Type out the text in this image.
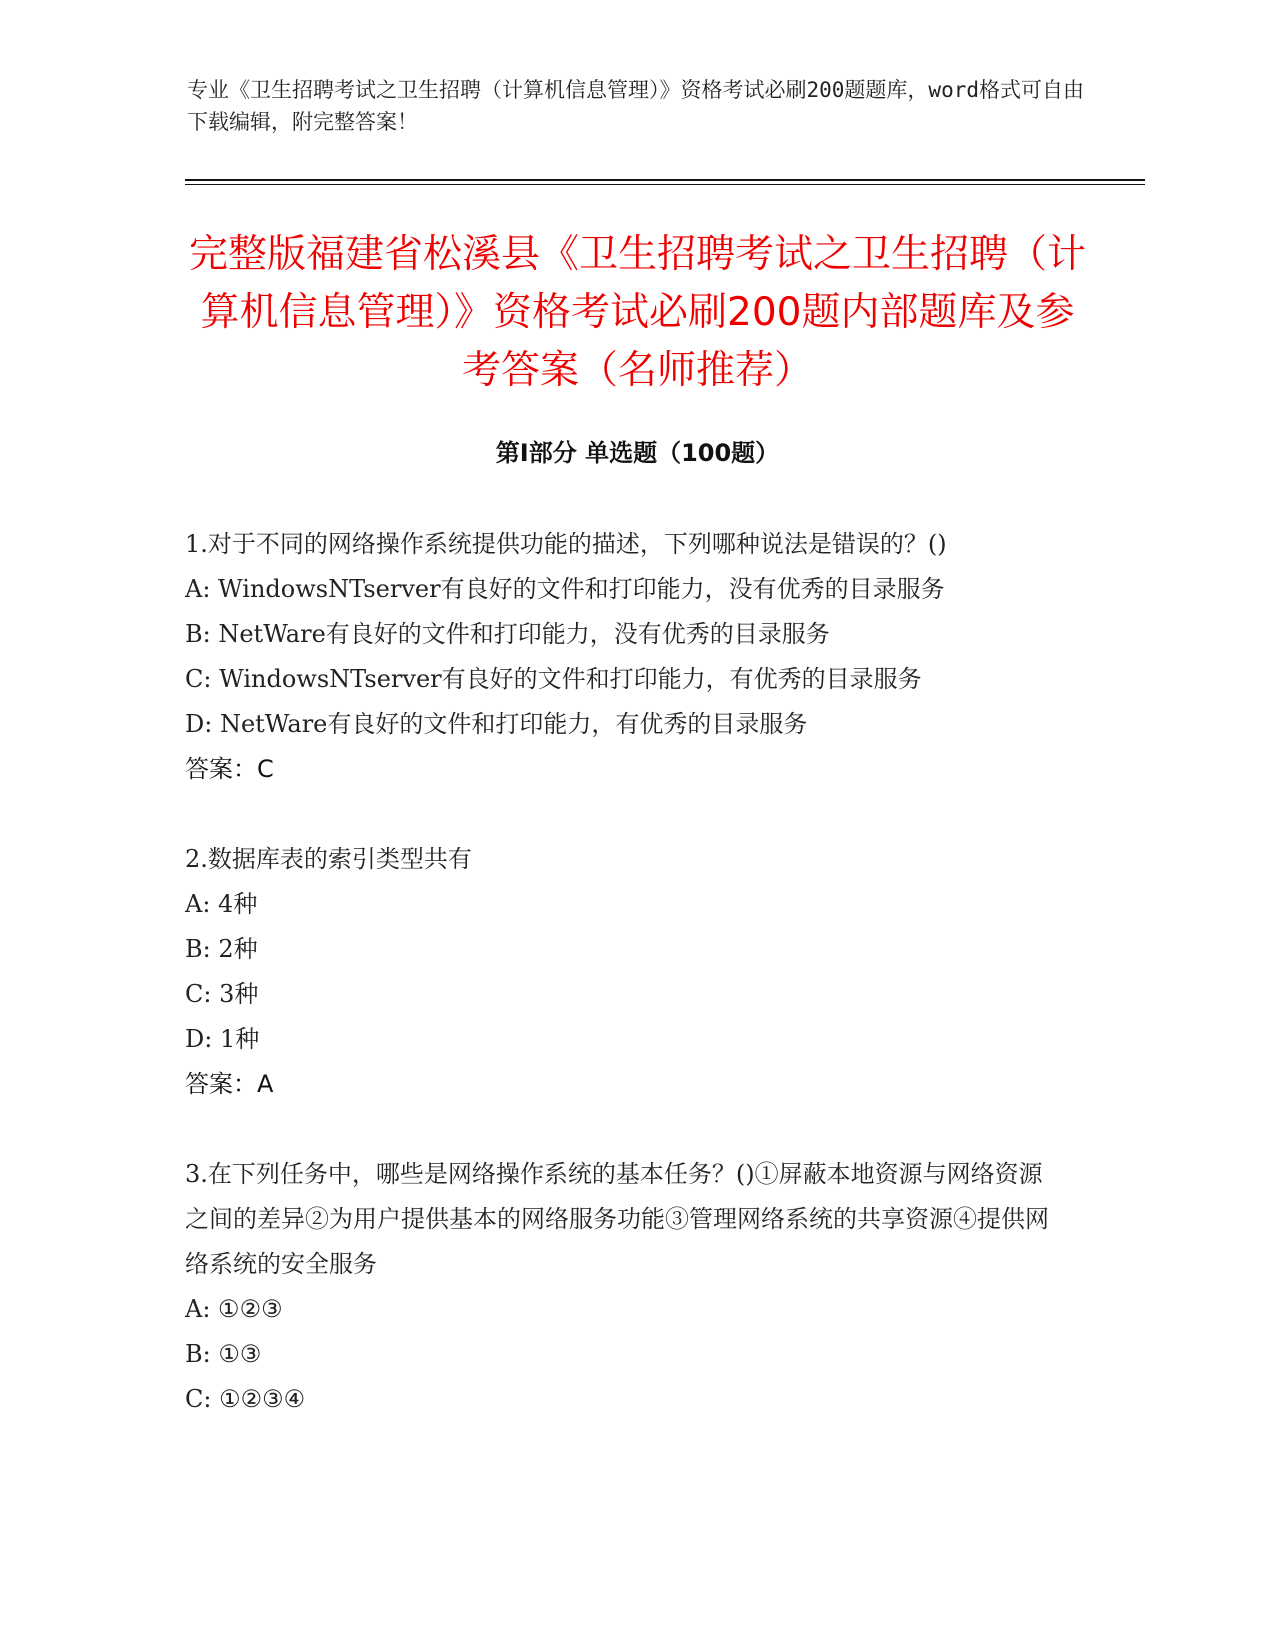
专业《卫生招聘考试之卫生招聘（计算机信息管理）》资格考试必刷200题题库，word格式可自由下载编辑，附完整答案！
完整版福建省松溪县《卫生招聘考试之卫生招聘（计算机信息管理）》资格考试必刷200题内部题库及参考答案（名师推荐）
第Ⅰ部分 单选题（100题）

1.对于不同的网络操作系统提供功能的描述，下列哪种说法是错误的？()

A: WindowsNTserver有良好的文件和打印能力，没有优秀的目录服务

B: NetWare有良好的文件和打印能力，没有优秀的目录服务

C: WindowsNTserver有良好的文件和打印能力，有优秀的目录服务

D: NetWare有良好的文件和打印能力，有优秀的目录服务

答案：C

2.数据库表的索引类型共有

A: 4种

B: 2种

C: 3种

D: 1种

答案：A

3.在下列任务中，哪些是网络操作系统的基本任务？()①屏蔽本地资源与网络资源之间的差异②为用户提供基本的网络服务功能③管理网络系统的共享资源④提供网络系统的安全服务

A: ①②③

B: ①③

C: ①②③④
